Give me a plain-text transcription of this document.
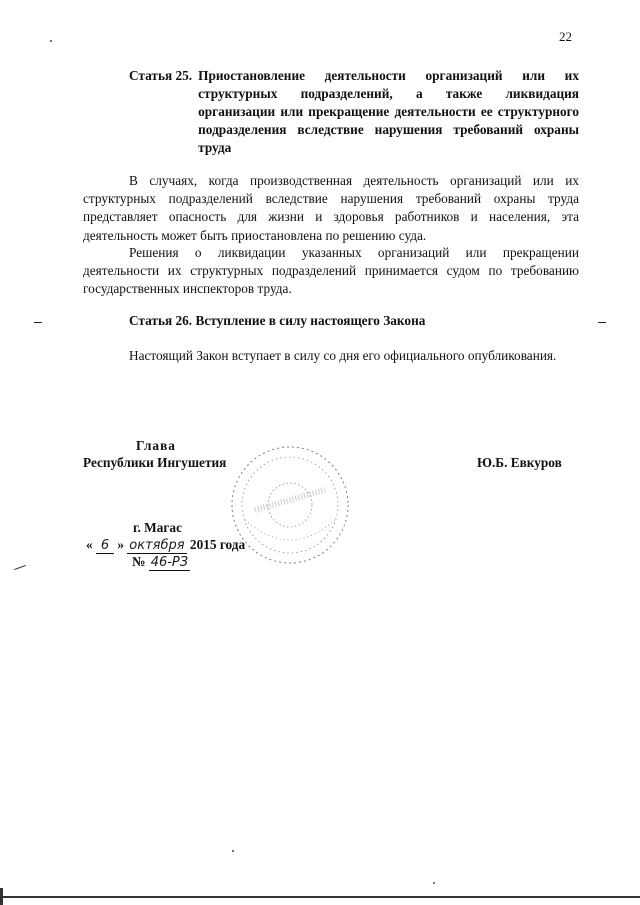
22
Статья 25. Приостановление деятельности организаций или их структурных подразделений, а также ликвидация организации или прекращение деятельности ее структурного подразделения вследствие нарушения требований охраны труда

В случаях, когда производственная деятельность организаций или их структурных подразделений вследствие нарушения требований охраны труда представляет опасность для жизни и здоровья работников и населения, эта деятельность может быть приостановлена по решению суда.

Решения о ликвидации указанных организаций или прекращении деятельности их структурных подразделений принимается судом по требованию государственных инспекторов труда.

Статья 26. Вступление в силу настоящего Закона

Настоящий Закон вступает в силу со дня его официального опубликования.

Глава
Республики Ингушетия	Ю.Б. Евкуров
г. Магас
« 6 » октября 2015 года
№ 46-РЗ
